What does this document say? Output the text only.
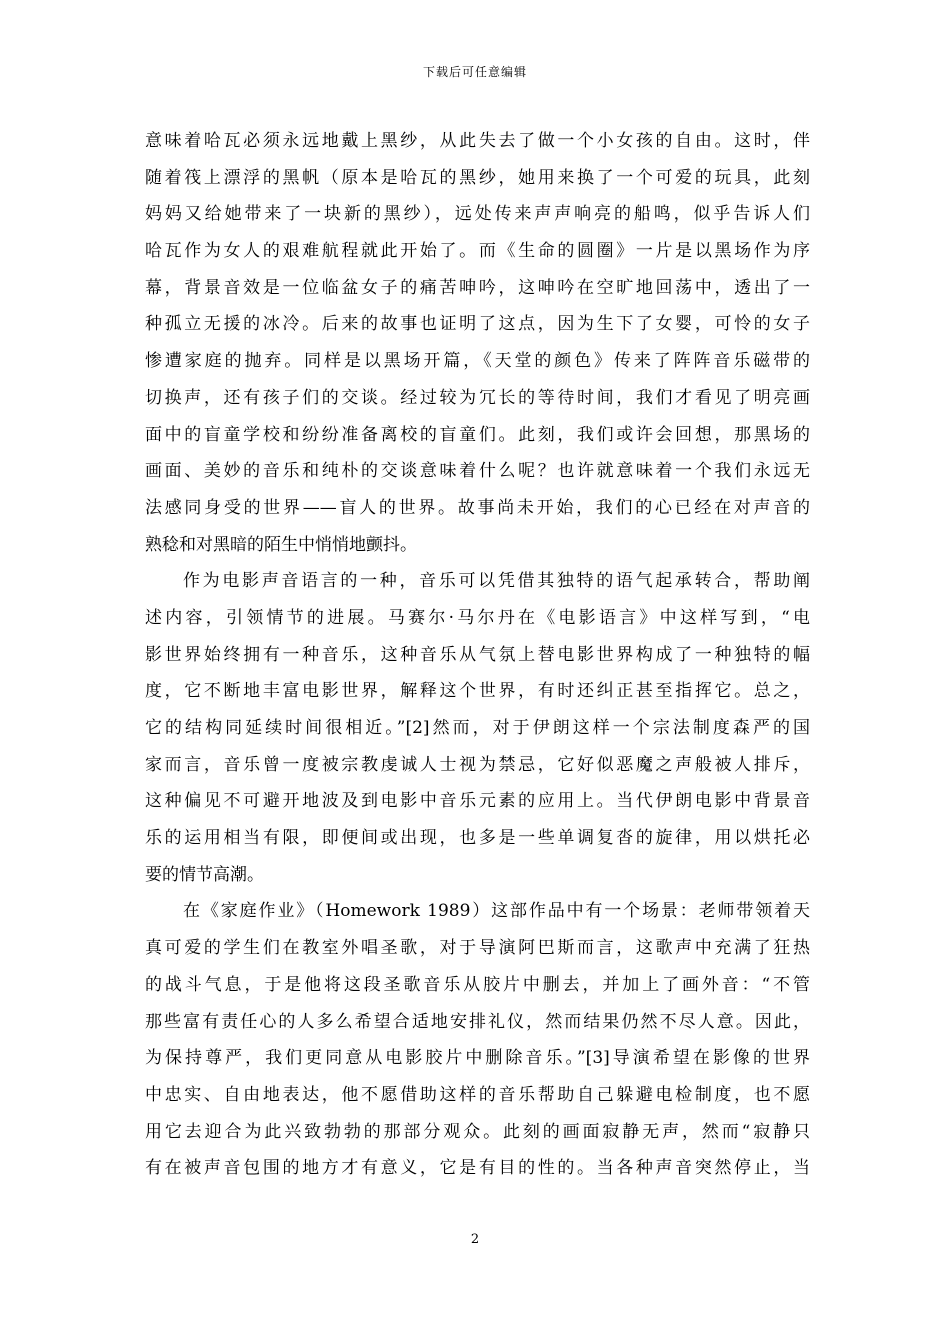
下载后可任意编辑
意味着哈瓦必须永远地戴上黑纱，从此失去了做一个小女孩的自由。这时，伴
随着筏上漂浮的黑帆（原本是哈瓦的黑纱，她用来换了一个可爱的玩具，此刻
妈妈又给她带来了一块新的黑纱），远处传来声声响亮的船鸣，似乎告诉人们
哈瓦作为女人的艰难航程就此开始了。而《生命的圆圈》一片是以黑场作为序
幕，背景音效是一位临盆女子的痛苦呻吟，这呻吟在空旷地回荡中，透出了一
种孤立无援的冰冷。后来的故事也证明了这点，因为生下了女婴，可怜的女子
惨遭家庭的抛弃。同样是以黑场开篇，《天堂的颜色》传来了阵阵音乐磁带的
切换声，还有孩子们的交谈。经过较为冗长的等待时间，我们才看见了明亮画
面中的盲童学校和纷纷准备离校的盲童们。此刻，我们或许会回想，那黑场的
画面、美妙的音乐和纯朴的交谈意味着什么呢？也许就意味着一个我们永远无
法感同身受的世界——盲人的世界。故事尚未开始，我们的心已经在对声音的
熟稔和对黑暗的陌生中悄悄地颤抖。
作为电影声音语言的一种，音乐可以凭借其独特的语气起承转合，帮助阐
述内容，引领情节的进展。马赛尔·马尔丹在《电影语言》中这样写到，“电
影世界始终拥有一种音乐，这种音乐从气氛上替电影世界构成了一种独特的幅
度，它不断地丰富电影世界，解释这个世界，有时还纠正甚至指挥它。总之，
它的结构同延续时间很相近。”[2]然而，对于伊朗这样一个宗法制度森严的国
家而言，音乐曾一度被宗教虔诚人士视为禁忌，它好似恶魔之声般被人排斥，
这种偏见不可避开地波及到电影中音乐元素的应用上。当代伊朗电影中背景音
乐的运用相当有限，即便间或出现，也多是一些单调复沓的旋律，用以烘托必
要的情节高潮。
在《家庭作业》（Homework 1989）这部作品中有一个场景：老师带领着天
真可爱的学生们在教室外唱圣歌，对于导演阿巴斯而言，这歌声中充满了狂热
的战斗气息，于是他将这段圣歌音乐从胶片中删去，并加上了画外音：“不管
那些富有责任心的人多么希望合适地安排礼仪，然而结果仍然不尽人意。因此，
为保持尊严，我们更同意从电影胶片中删除音乐。”[3]导演希望在影像的世界
中忠实、自由地表达，他不愿借助这样的音乐帮助自己躲避电检制度，也不愿
用它去迎合为此兴致勃勃的那部分观众。此刻的画面寂静无声，然而“寂静只
有在被声音包围的地方才有意义，它是有目的性的。当各种声音突然停止，当
2
